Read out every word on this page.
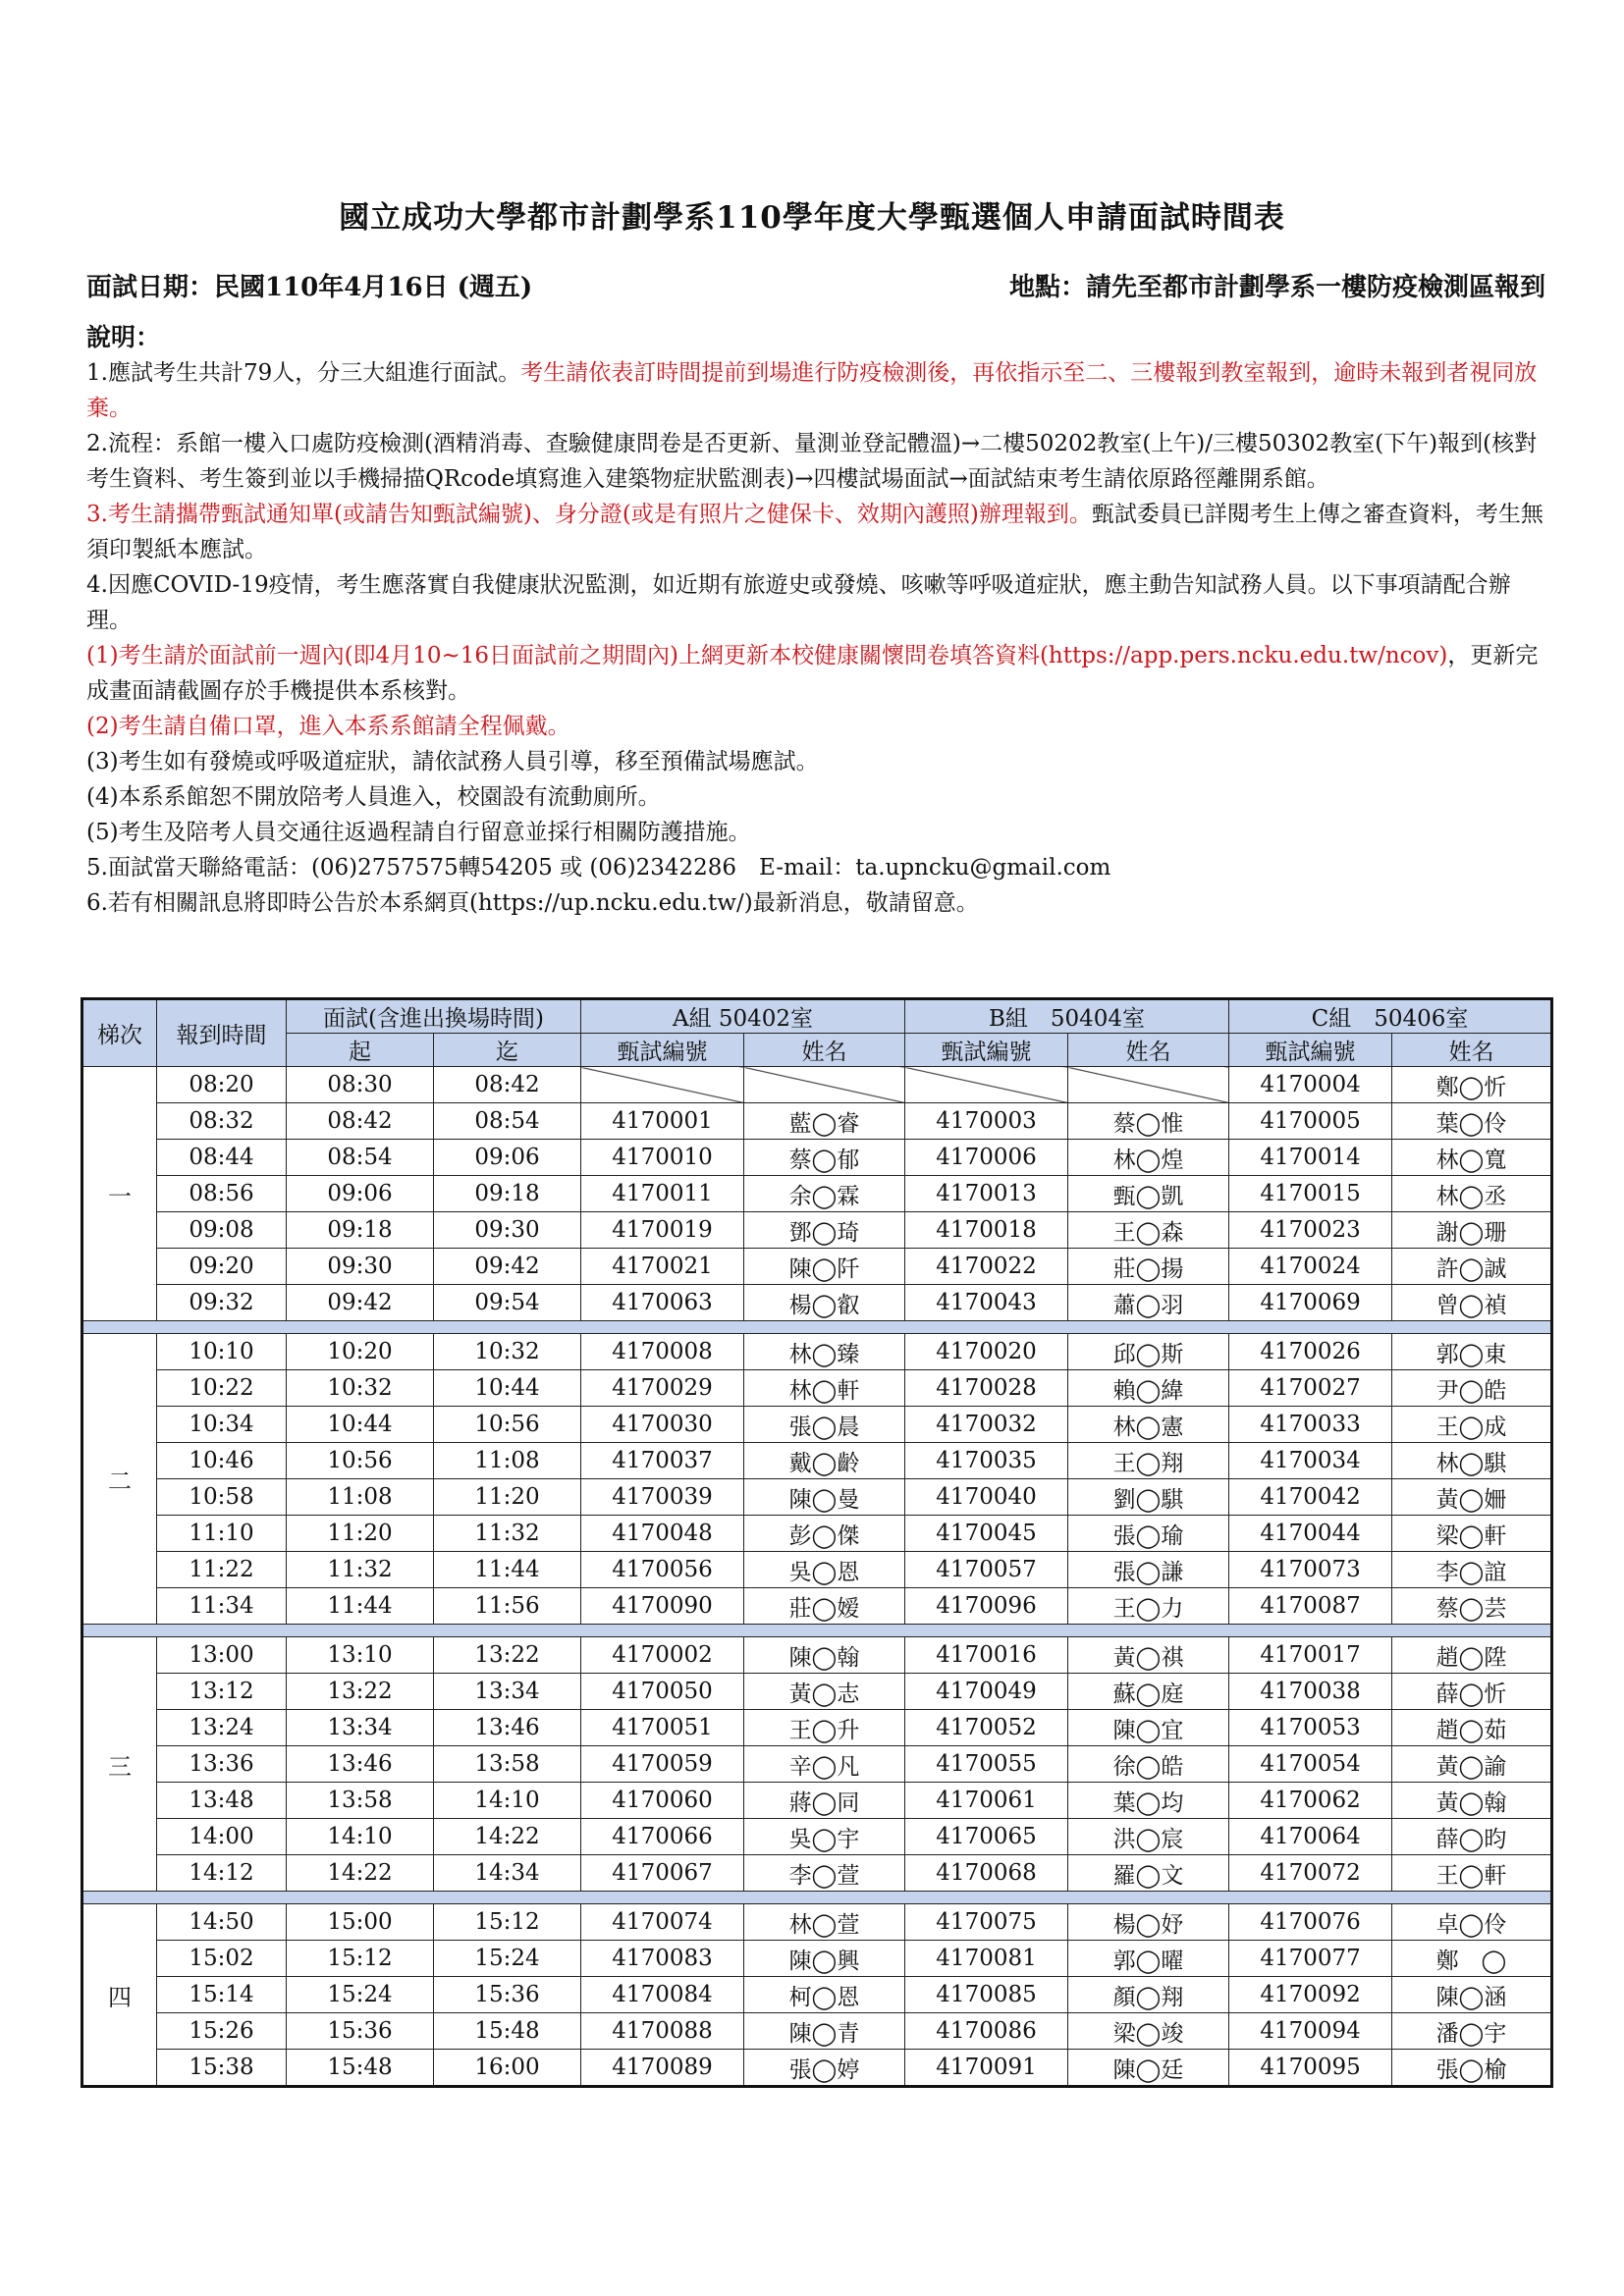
國立成功大學都市計劃學系110學年度大學甄選個人申請面試時間表
面試日期：民國110年4月16日 (週五)	地點：請先至都市計劃學系一樓防疫檢測區報到

說明：

1.應試考生共計79人，分三大組進行面試。考生請依表訂時間提前到場進行防疫檢測後，再依指示至二、三樓報到教室報到，逾時未報到者視同放棄。

2.流程：系館一樓入口處防疫檢測(酒精消毒、查驗健康問卷是否更新、量測並登記體溫)→二樓50202教室(上午)/三樓50302教室(下午)報到(核對考生資料、考生簽到並以手機掃描QRcode填寫進入建築物症狀監測表)→四樓試場面試→面試結束考生請依原路徑離開系館。

3.考生請攜帶甄試通知單(或請告知甄試編號)、身分證(或是有照片之健保卡、效期內護照)辦理報到。甄試委員已詳閱考生上傳之審查資料，考生無須印製紙本應試。

4.因應COVID-19疫情，考生應落實自我健康狀況監測，如近期有旅遊史或發燒、咳嗽等呼吸道症狀，應主動告知試務人員。以下事項請配合辦理。

(1)考生請於面試前一週內(即4月10~16日面試前之期間內)上網更新本校健康關懷問卷填答資料(https://app.pers.ncku.edu.tw/ncov)，更新完成畫面請截圖存於手機提供本系核對。

(2)考生請自備口罩，進入本系系館請全程佩戴。

(3)考生如有發燒或呼吸道症狀，請依試務人員引導，移至預備試場應試。

(4)本系系館恕不開放陪考人員進入，校園設有流動廁所。

(5)考生及陪考人員交通往返過程請自行留意並採行相關防護措施。

5.面試當天聯絡電話：(06)2757575轉54205 或 (06)2342286　E-mail：ta.upncku@gmail.com

6.若有相關訊息將即時公告於本系網頁(https://up.ncku.edu.tw/)最新消息，敬請留意。

梯次	報到時間	面試(含進出換場時間)		A組 50402室		B組　50404室		C組　50406室	
		起	迄	甄試編號	姓名	甄試編號	姓名	甄試編號	姓名
一	08:20	08:30	08:42					4170004	鄭◯忻
	08:32	08:42	08:54	4170001	藍◯睿	4170003	蔡◯惟	4170005	葉◯伶
	08:44	08:54	09:06	4170010	蔡◯郁	4170006	林◯煌	4170014	林◯寬
	08:56	09:06	09:18	4170011	余◯霖	4170013	甄◯凱	4170015	林◯丞
	09:08	09:18	09:30	4170019	鄧◯琦	4170018	王◯森	4170023	謝◯珊
	09:20	09:30	09:42	4170021	陳◯阡	4170022	莊◯揚	4170024	許◯誠
	09:32	09:42	09:54	4170063	楊◯叡	4170043	蕭◯羽	4170069	曾◯禎

二	10:10	10:20	10:32	4170008	林◯臻	4170020	邱◯斯	4170026	郭◯東
	10:22	10:32	10:44	4170029	林◯軒	4170028	賴◯緯	4170027	尹◯皓
	10:34	10:44	10:56	4170030	張◯晨	4170032	林◯憲	4170033	王◯成
	10:46	10:56	11:08	4170037	戴◯齡	4170035	王◯翔	4170034	林◯騏
	10:58	11:08	11:20	4170039	陳◯曼	4170040	劉◯騏	4170042	黃◯姍
	11:10	11:20	11:32	4170048	彭◯傑	4170045	張◯瑜	4170044	梁◯軒
	11:22	11:32	11:44	4170056	吳◯恩	4170057	張◯謙	4170073	李◯誼
	11:34	11:44	11:56	4170090	莊◯嫒	4170096	王◯力	4170087	蔡◯芸

三	13:00	13:10	13:22	4170002	陳◯翰	4170016	黃◯祺	4170017	趙◯陞
	13:12	13:22	13:34	4170050	黃◯志	4170049	蘇◯庭	4170038	薛◯忻
	13:24	13:34	13:46	4170051	王◯升	4170052	陳◯宜	4170053	趙◯茹
	13:36	13:46	13:58	4170059	辛◯凡	4170055	徐◯皓	4170054	黃◯諭
	13:48	13:58	14:10	4170060	蔣◯同	4170061	葉◯均	4170062	黃◯翰
	14:00	14:10	14:22	4170066	吳◯宇	4170065	洪◯宸	4170064	薛◯昀
	14:12	14:22	14:34	4170067	李◯萱	4170068	羅◯文	4170072	王◯軒

四	14:50	15:00	15:12	4170074	林◯萱	4170075	楊◯妤	4170076	卓◯伶
	15:02	15:12	15:24	4170083	陳◯興	4170081	郭◯曜	4170077	鄭　◯
	15:14	15:24	15:36	4170084	柯◯恩	4170085	顏◯翔	4170092	陳◯涵
	15:26	15:36	15:48	4170088	陳◯青	4170086	梁◯竣	4170094	潘◯宇
	15:38	15:48	16:00	4170089	張◯婷	4170091	陳◯廷	4170095	張◯榆
